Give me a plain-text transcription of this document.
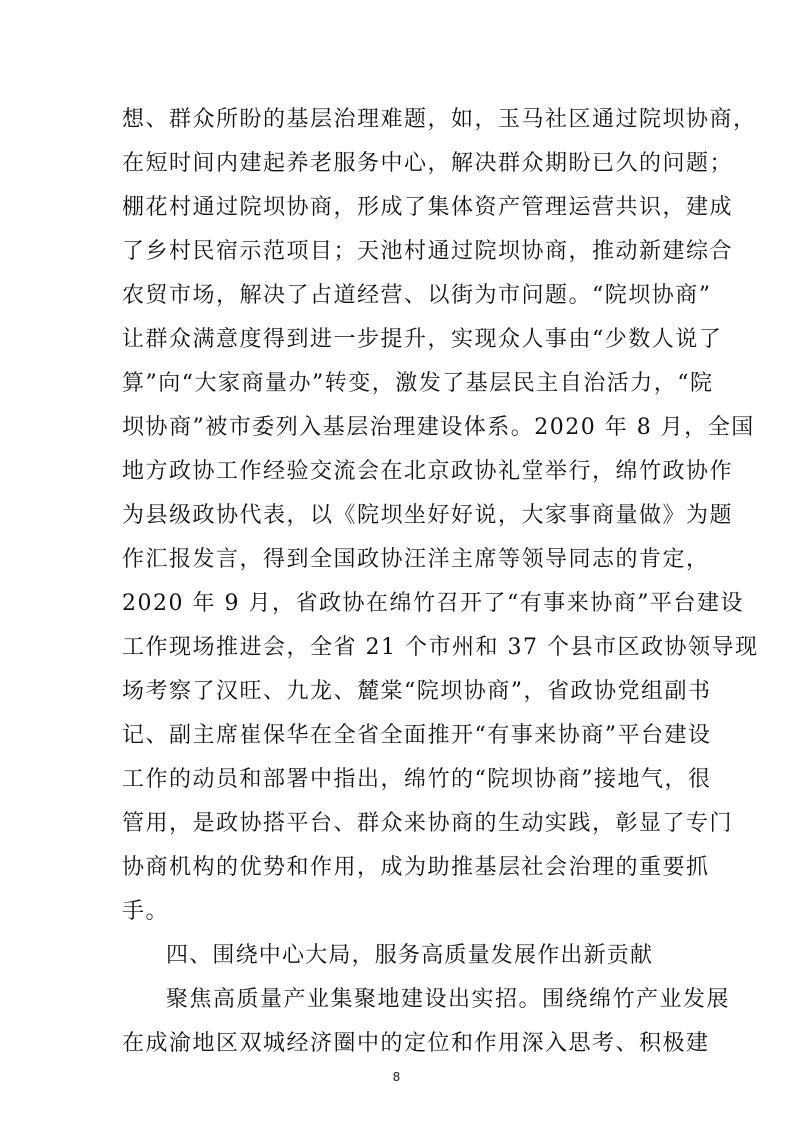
想、群众所盼的基层治理难题，如，玉马社区通过院坝协商，
在短时间内建起养老服务中心，解决群众期盼已久的问题；
棚花村通过院坝协商，形成了集体资产管理运营共识，建成
了乡村民宿示范项目；天池村通过院坝协商，推动新建综合
农贸市场，解决了占道经营、以街为市问题。“院坝协商”
让群众满意度得到进一步提升，实现众人事由“少数人说了
算”向“大家商量办”转变，激发了基层民主自治活力，“院
坝协商”被市委列入基层治理建设体系。2020 年 8 月，全国
地方政协工作经验交流会在北京政协礼堂举行，绵竹政协作
为县级政协代表，以《院坝坐好好说，大家事商量做》为题
作汇报发言，得到全国政协汪洋主席等领导同志的肯定，
2020 年 9 月，省政协在绵竹召开了“有事来协商”平台建设
工作现场推进会，全省 21 个市州和 37 个县市区政协领导现
场考察了汉旺、九龙、麓棠“院坝协商”，省政协党组副书
记、副主席崔保华在全省全面推开“有事来协商”平台建设
工作的动员和部署中指出，绵竹的“院坝协商”接地气，很
管用，是政协搭平台、群众来协商的生动实践，彰显了专门
协商机构的优势和作用，成为助推基层社会治理的重要抓
手。
四、围绕中心大局，服务高质量发展作出新贡献
聚焦高质量产业集聚地建设出实招。围绕绵竹产业发展
在成渝地区双城经济圈中的定位和作用深入思考、积极建
8
